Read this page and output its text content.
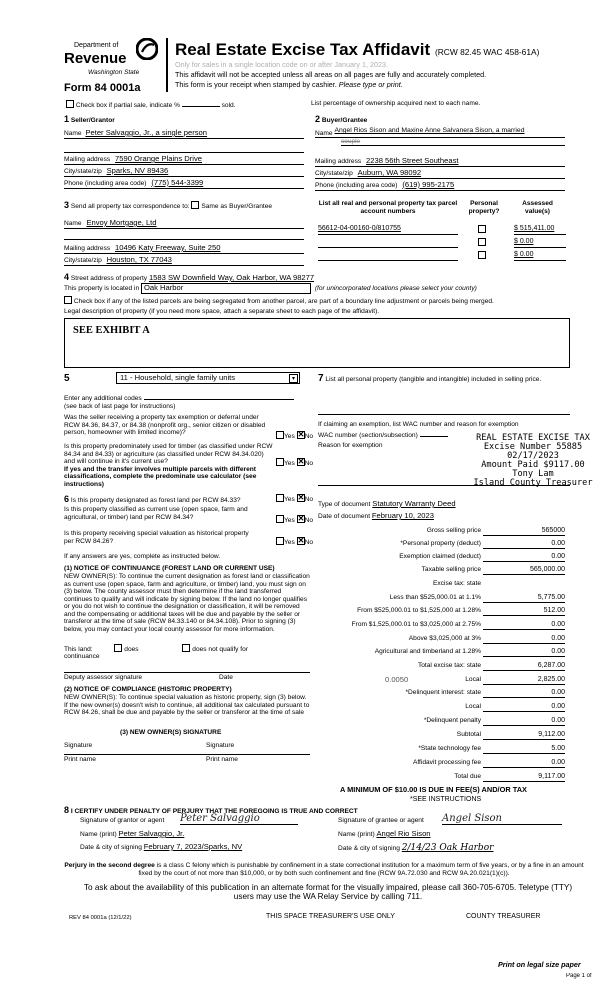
Department of
Revenue
Washington State
Form 84 0001a
Real Estate Excise Tax Affidavit (RCW 82.45 WAC 458-61A)
Only for sales in a single location code on or after January 1, 2023.
This affidavit will not be accepted unless all areas on all pages are fully and accurately completed.
This form is your receipt when stamped by cashier. Please type or print.
Check box if partial sale, indicate %	sold.	List percentage of ownership acquired next to each name.
1 Seller/Grantor
Name Peter Salvaggio, Jr., a single person
Mailing address 7590 Orange Plains Drive
City/state/zip Sparks, NV 89436
Phone (including area code) (775) 544-3399
2 Buyer/Grantee
Name Angel Rios Sison and Maxine Anne Salvanera Sison, a married
couple
Mailing address 2238 56th Street Southeast
City/state/zip Auburn, WA 98092
Phone (including area code) (619) 995-2175
3 Send all property tax correspondence to: Same as Buyer/Grantee
Name Envoy Mortgage, Ltd
Mailing address 10496 Katy Freeway, Suite 250
City/state/zip Houston, TX 77043
List all real and personal property tax parcel account numbers
Personal property?
Assessed value(s)
56612-04-00160-0/810755	$ 515,411.00
$ 0.00
$ 0.00
4 Street address of property 1583 SW Downfield Way, Oak Harbor, WA 98277
This property is located in Oak Harbor	(for unincorporated locations please select your county)
Check box if any of the listed parcels are being segregated from another parcel, are part of a boundary line adjustment or parcels being merged.
Legal description of property (if you need more space, attach a separate sheet to each page of the affidavit).
SEE EXHIBIT A
5	11 - Household, single family units	▾
Enter any additional codes
(see back of last page for instructions)
Was the seller receiving a property tax exemption or deferral under RCW 84.36, 84.37, or 84.38 (nonprofit org., senior citizen or disabled person, homeowner with limited income)?
Yes ✕ No
Is this property predominately used for timber (as classified under RCW 84.34 and 84.33) or agriculture (as classified under RCW 84.34.020) and will continue in it's current use?
If yes and the transfer involves multiple parcels with different classifications, complete the predominate use calculator (see instructions)
Yes ✕ No
6 Is this property designated as forest land per RCW 84.33?	Yes ✕ No
Is this property classified as current use (open space, farm and agricultural, or timber) land per RCW 84.34?	Yes ✕ No
Is this property receiving special valuation as historical property per RCW 84.26?	Yes ✕ No
If any answers are yes, complete as instructed below.
(1) NOTICE OF CONTINUANCE (FOREST LAND OR CURRENT USE)
NEW OWNER(S): To continue the current designation as forest land or classification as current use (open space, farm and agriculture, or timber) land, you must sign on (3) below. The county assessor must then determine if the land transferred continues to qualify and will indicate by signing below. If the land no longer qualifies or you do not wish to continue the designation or classification, it will be removed and the compensating or additional taxes will be due and payable by the seller or transferor at the time of sale (RCW 84.33.140 or 84.34.108). Prior to signing (3) below, you may contact your local county assessor for more information.
This land:	does	does not qualify for
continuance
Deputy assessor signature	Date
(2) NOTICE OF COMPLIANCE (HISTORIC PROPERTY)
NEW OWNER(S): To continue special valuation as historic property, sign (3) below. If the new owner(s) doesn't wish to continue, all additional tax calculated pursuant to RCW 84.26, shall be due and payable by the seller or transferor at the time of sale
(3) NEW OWNER(S) SIGNATURE
Signature	Signature
Print name	Print name
7 List all personal property (tangible and intangible) included in selling price.
If claiming an exemption, list WAC number and reason for exemption
WAC number (section/subsection)
Reason for exemption
REAL ESTATE EXCISE TAX
Excise Number 55885
02/17/2023
Amount Paid $9117.00
Tony Lam
Island County Treasurer
Type of document Statutory Warranty Deed
Date of document February 10, 2023
Gross selling price	565000
*Personal property (deduct)	0.00
Exemption claimed (deduct)	0.00
Taxable selling price	565,000.00
Excise tax: state
Less than $525,000.01 at 1.1%	5,775.00
From $525,000.01 to $1,525,000 at 1.28%	512.00
From $1,525,000.01 to $3,025,000 at 2.75%	0.00
Above $3,025,000 at 3%	0.00
Agricultural and timberland at 1.28%	0.00
Total excise tax: state	6,287.00
0.0050	Local	2,825.00
*Delinquent interest: state	0.00
Local	0.00
*Delinquent penalty	0.00
Subtotal	9,112.00
*State technology fee	5.00
Affidavit processing fee	0.00
Total due	9,117.00
A MINIMUM OF $10.00 IS DUE IN FEE(S) AND/OR TAX
*SEE INSTRUCTIONS
8 I CERTIFY UNDER PENALTY OF PERJURY THAT THE FOREGOING IS TRUE AND CORRECT
Signature of grantor or agent Peter Salvaggio
Name (print) Peter Salvaggio, Jr.
Date & city of signing February 7, 2023/Sparks, NV
Signature of grantee or agent Angel Sison
Name (print) Angel Rio Sison
Date & city of signing 2/14/23 Oak Harbor
Perjury in the second degree is a class C felony which is punishable by confinement in a state correctional institution for a maximum term of five years, or by a fine in an amount fixed by the court of not more than $10,000, or by both such confinement and fine (RCW 9A.72.030 and RCW 9A.20.021(1)(c)).
To ask about the availability of this publication in an alternate format for the visually impaired, please call 360-705-6705. Teletype (TTY) users may use the WA Relay Service by calling 711.
REV 84 0001a (12/1/22)	THIS SPACE TREASURER'S USE ONLY	COUNTY TREASURER
Print on legal size paper
Page 1 of
